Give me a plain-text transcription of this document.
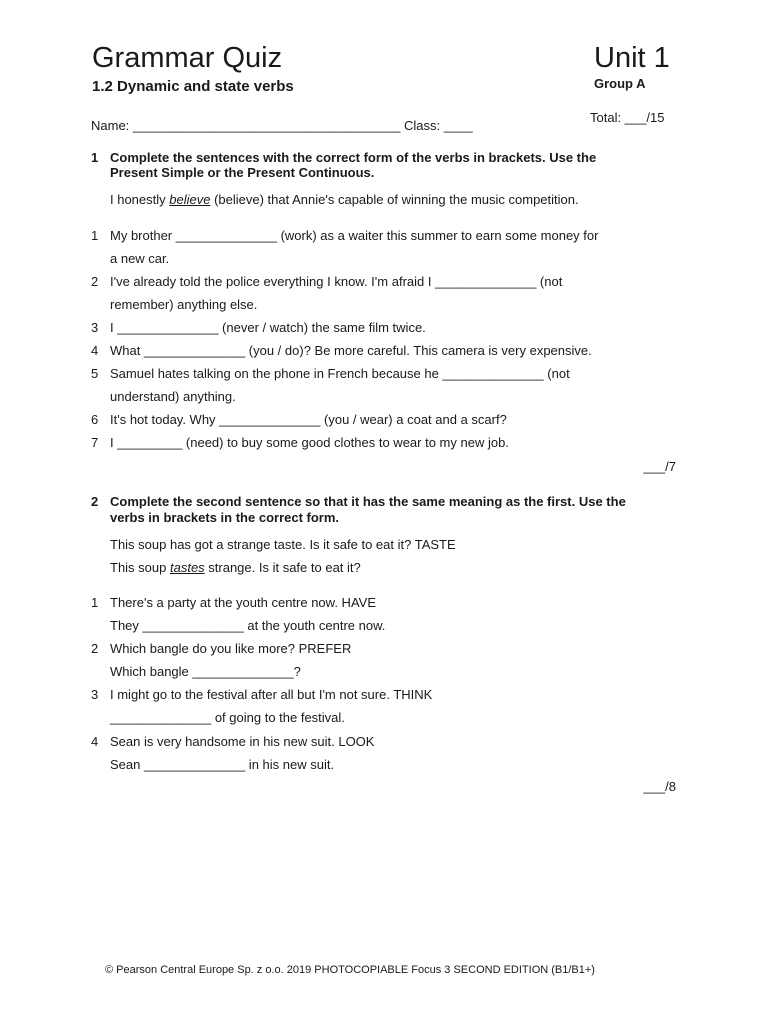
Grammar Quiz	Unit 1
1.2 Dynamic and state verbs	Group A
Total: ___/15
Name: _____________________________________ Class: ____
1 Complete the sentences with the correct form of the verbs in brackets. Use the
Present Simple or the Present Continuous.
I honestly believe (believe) that Annie's capable of winning the music competition.
1 My brother ______________ (work) as a waiter this summer to earn some money for
a new car.
2 I've already told the police everything I know. I'm afraid I ______________ (not
remember) anything else.
3 I ______________ (never / watch) the same film twice.
4 What ______________ (you / do)? Be more careful. This camera is very expensive.
5 Samuel hates talking on the phone in French because he ______________ (not
understand) anything.
6 It's hot today. Why ______________ (you / wear) a coat and a scarf?
7 I _________ (need) to buy some good clothes to wear to my new job.
___/7
2 Complete the second sentence so that it has the same meaning as the first. Use the
verbs in brackets in the correct form.
This soup has got a strange taste. Is it safe to eat it? TASTE
This soup tastes strange. Is it safe to eat it?
1 There's a party at the youth centre now. HAVE
They ______________ at the youth centre now.
2 Which bangle do you like more? PREFER
Which bangle ______________?
3 I might go to the festival after all but I'm not sure. THINK
______________ of going to the festival.
4 Sean is very handsome in his new suit. LOOK
Sean ______________ in his new suit.
___/8
© Pearson Central Europe Sp. z o.o. 2019 PHOTOCOPIABLE Focus 3 SECOND EDITION (B1/B1+)
